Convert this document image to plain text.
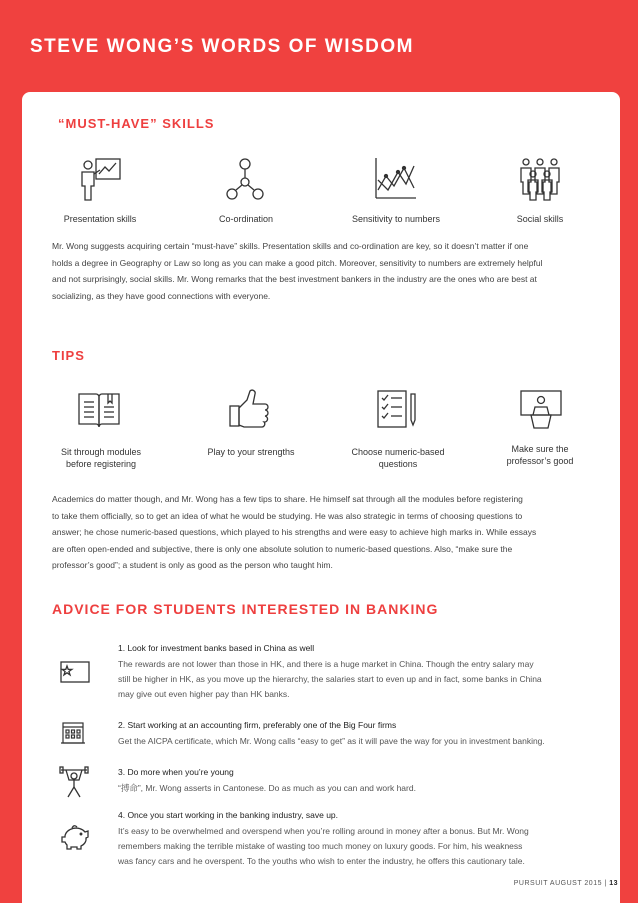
STEVE WONG’S WORDS OF WISDOM
“MUST-HAVE” SKILLS
Presentation skills	Co-ordination	Sensitivity to numbers	Social skills
Mr. Wong suggests acquiring certain “must-have” skills. Presentation skills and co-ordination are key, so it doesn’t matter if one
holds a degree in Geography or Law so long as you can make a good pitch. Moreover, sensitivity to numbers are extremely helpful
and not surprisingly, social skills. Mr. Wong remarks that the best investment bankers in the industry are the ones who are best at
socializing, as they have good connections with everyone.
TIPS
Sit through modules
before registering
Play to your strengths	Choose numeric-based
questions
Make sure the
professor’s good
Academics do matter though, and Mr. Wong has a few tips to share. He himself sat through all the modules before registering
to take them officially, so to get an idea of what he would be studying. He was also strategic in terms of choosing questions to
answer; he chose numeric-based questions, which played to his strengths and were easy to achieve high marks in. While essays
are often open-ended and subjective, there is only one absolute solution to numeric-based questions. Also, “make sure the
professor’s good”; a student is only as good as the person who taught him.
ADVICE FOR STUDENTS INTERESTED IN BANKING
1. Look for investment banks based in China as well
The rewards are not lower than those in HK, and there is a huge market in China. Though the entry salary may
still be higher in HK, as you move up the hierarchy, the salaries start to even up and in fact, some banks in China
may give out even higher pay than HK banks.
2. Start working at an accounting firm, preferably one of the Big Four firms
Get the AICPA certificate, which Mr. Wong calls “easy to get” as it will pave the way for you in investment banking.
3. Do more when you’re young
“搏命”, Mr. Wong asserts in Cantonese. Do as much as you can and work hard.
4. Once you start working in the banking industry, save up.
It’s easy to be overwhelmed and overspend when you’re rolling around in money after a bonus. But Mr. Wong
remembers making the terrible mistake of wasting too much money on luxury goods. For him, his weakness
was fancy cars and he overspent. To the youths who wish to enter the industry, he offers this cautionary tale.
PURSUIT AUGUST 2015 | 13
